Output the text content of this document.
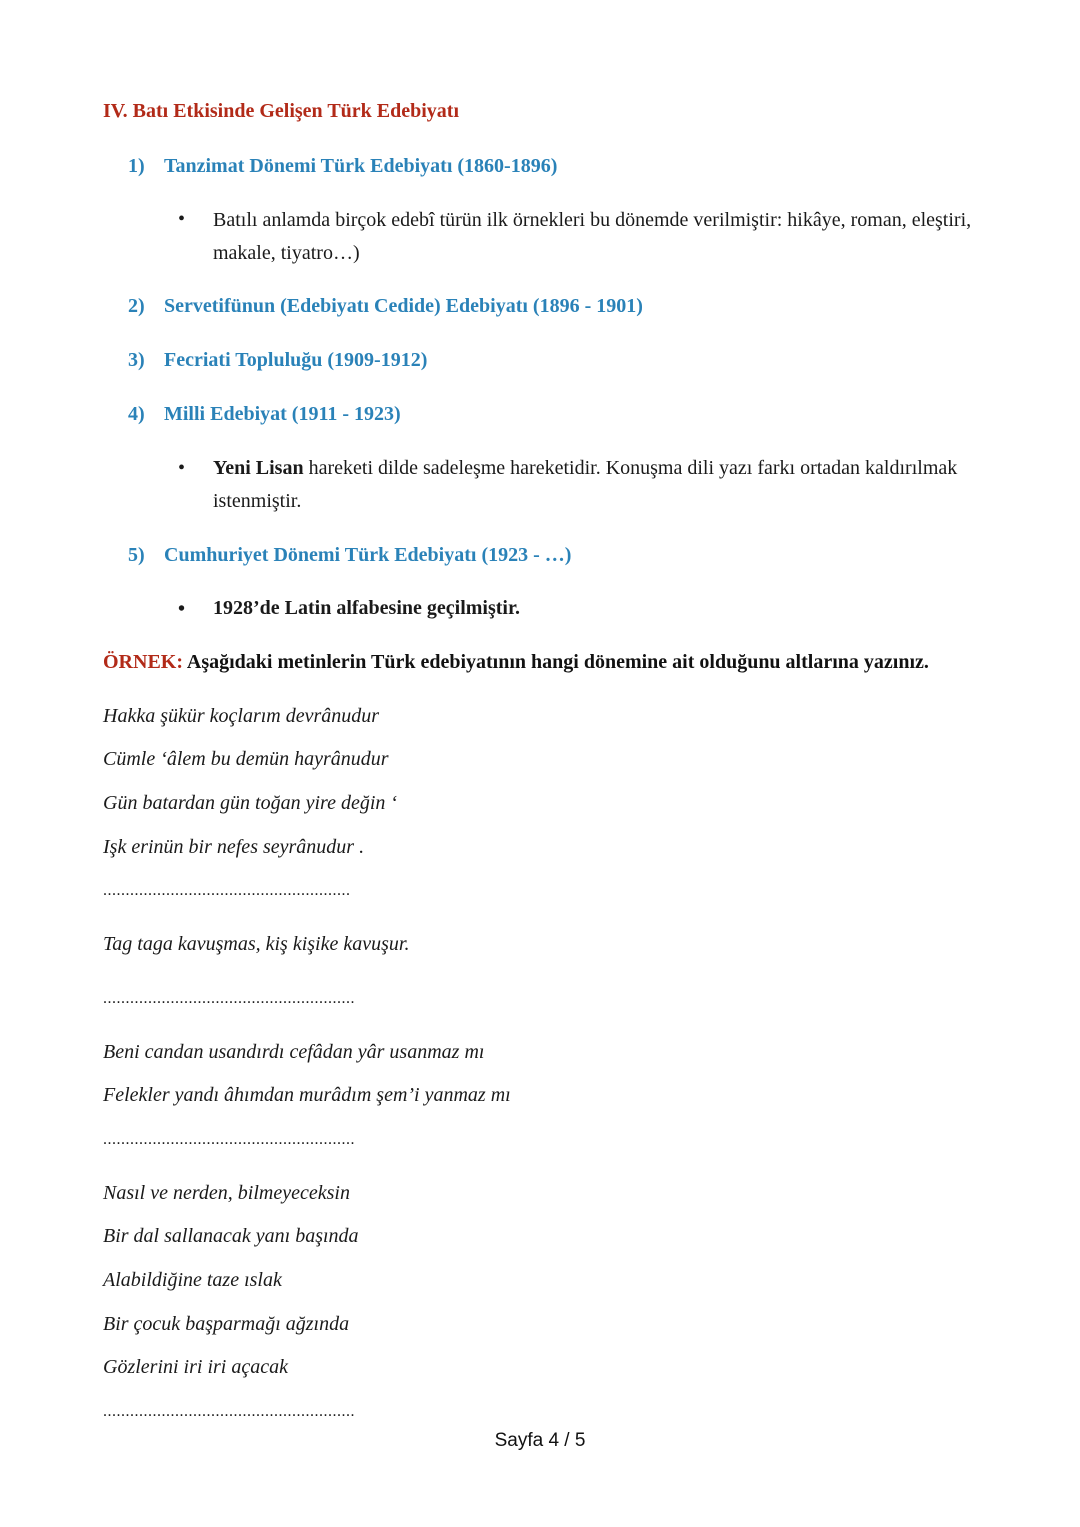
IV. Batı Etkisinde Gelişen Türk Edebiyatı
1) Tanzimat Dönemi Türk Edebiyatı (1860-1896)
• Batılı anlamda birçok edebî türün ilk örnekleri bu dönemde verilmiştir: hikâye, roman, eleştiri, makale, tiyatro…)
2) Servetifünun (Edebiyatı Cedide) Edebiyatı (1896 - 1901)
3) Fecriati Topluluğu (1909-1912)
4) Milli Edebiyat (1911 - 1923)
• Yeni Lisan hareketi dilde sadeleşme hareketidir. Konuşma dili yazı farkı ortadan kaldırılmak istenmiştir.
5) Cumhuriyet Dönemi Türk Edebiyatı (1923 - …)
• 1928’de Latin alfabesine geçilmiştir.
ÖRNEK: Aşağıdaki metinlerin Türk edebiyatının hangi dönemine ait olduğunu altlarına yazınız.
Hakka şükür koçlarım devrânudur
Cümle ‘âlem bu demün hayrânudur
Gün batardan gün toğan yire değin ‘
Işk erinün bir nefes seyrânudur .
.......................................................
Tag taga kavuşmas, kiş kişike kavuşur.
........................................................
Beni candan usandırdı cefâdan yâr usanmaz mı
Felekler yandı âhımdan murâdım şem’i yanmaz mı
........................................................
Nasıl ve nerden, bilmeyeceksin
Bir dal sallanacak yanı başında
Alabildiğine taze ıslak
Bir çocuk başparmağı ağzında
Gözlerini iri iri açacak
........................................................
Sayfa 4 / 5
